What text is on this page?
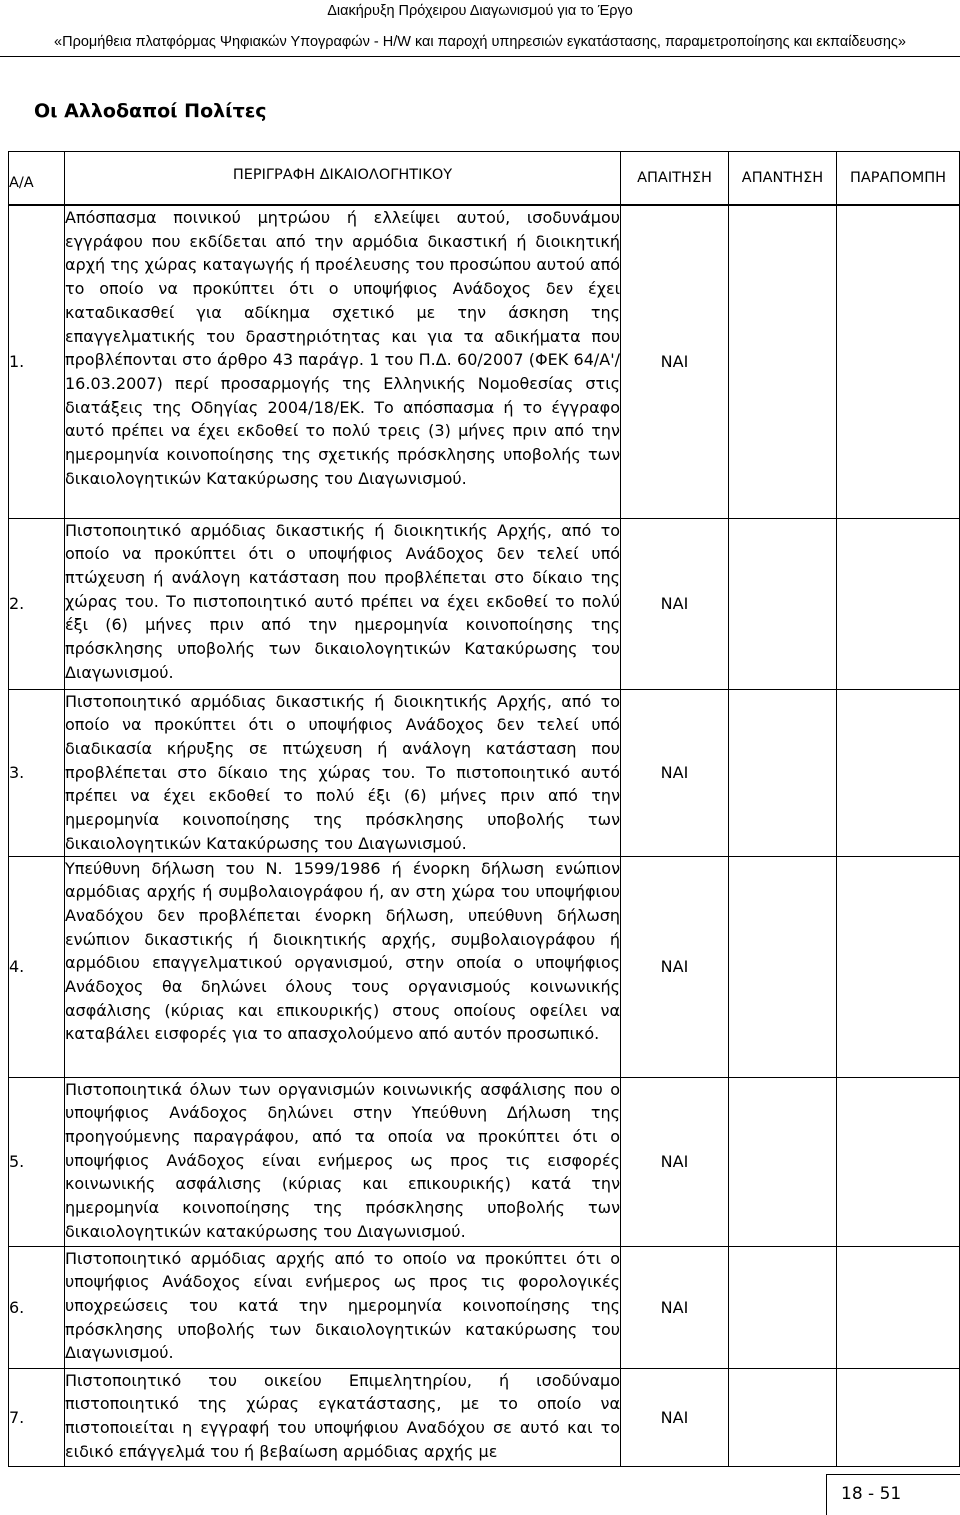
Διακήρυξη Πρόχειρου Διαγωνισμού για το Έργο
«Προμήθεια πλατφόρμας Ψηφιακών Υπογραφών - H/W και παροχή υπηρεσιών εγκατάστασης, παραμετροποίησης και εκπαίδευσης»
Οι Αλλοδαποί Πολίτες
Α/Α	ΠΕΡΙΓΡΑΦΗ ΔΙΚΑΙΟΛΟΓΗΤΙΚΟΥ	ΑΠΑΙΤΗΣΗ	ΑΠΑΝΤΗΣΗ	ΠΑΡΑΠΟΜΠΗ
1.	Απόσπασμα ποινικού μητρώου ή ελλείψει αυτού, ισοδυνάμου εγγράφου που εκδίδεται από την αρμόδια δικαστική ή διοικητική αρχή της χώρας καταγωγής ή προέλευσης του προσώπου αυτού από το οποίο να προκύπτει ότι ο υποψήφιος Ανάδοχος δεν έχει καταδικασθεί για αδίκημα σχετικό με την άσκηση της επαγγελματικής του δραστηριότητας και για τα αδικήματα που προβλέπονται στο άρθρο 43 παράγρ. 1 του Π.Δ. 60/2007 (ΦΕΚ 64/Α'/ 16.03.2007) περί προσαρμογής της Ελληνικής Νομοθεσίας στις διατάξεις της Οδηγίας 2004/18/ΕΚ. Το απόσπασμα ή το έγγραφο αυτό πρέπει να έχει εκδοθεί το πολύ τρεις (3) μήνες πριν από την ημερομηνία κοινοποίησης της σχετικής πρόσκλησης υποβολής των δικαιολογητικών Κατακύρωσης του Διαγωνισμού.	ΝΑΙ		
2.	Πιστοποιητικό αρμόδιας δικαστικής ή διοικητικής Αρχής, από το οποίο να προκύπτει ότι ο υποψήφιος Ανάδοχος δεν τελεί υπό πτώχευση ή ανάλογη κατάσταση που προβλέπεται στο δίκαιο της χώρας του. Το πιστοποιητικό αυτό πρέπει να έχει εκδοθεί το πολύ έξι (6) μήνες πριν από την ημερομηνία κοινοποίησης της πρόσκλησης υποβολής των δικαιολογητικών Κατακύρωσης του Διαγωνισμού.	ΝΑΙ		
3.	Πιστοποιητικό αρμόδιας δικαστικής ή διοικητικής Αρχής, από το οποίο να προκύπτει ότι ο υποψήφιος Ανάδοχος δεν τελεί υπό διαδικασία κήρυξης σε πτώχευση ή ανάλογη κατάσταση που προβλέπεται στο δίκαιο της χώρας του. Το πιστοποιητικό αυτό πρέπει να έχει εκδοθεί το πολύ έξι (6) μήνες πριν από την ημερομηνία κοινοποίησης της πρόσκλησης υποβολής των δικαιολογητικών Κατακύρωσης του Διαγωνισμού.	ΝΑΙ		
4.	Υπεύθυνη δήλωση του Ν. 1599/1986 ή ένορκη δήλωση ενώπιον αρμόδιας αρχής ή συμβολαιογράφου ή, αν στη χώρα του υποψήφιου Αναδόχου δεν προβλέπεται ένορκη δήλωση, υπεύθυνη δήλωση ενώπιον δικαστικής ή διοικητικής αρχής, συμβολαιογράφου ή αρμόδιου επαγγελματικού οργανισμού, στην οποία ο υποψήφιος Ανάδοχος θα δηλώνει όλους τους οργανισμούς κοινωνικής ασφάλισης (κύριας και επικουρικής) στους οποίους οφείλει να καταβάλει εισφορές για το απασχολούμενο από αυτόν προσωπικό.	ΝΑΙ		
5.	Πιστοποιητικά όλων των οργανισμών κοινωνικής ασφάλισης που ο υποψήφιος Ανάδοχος δηλώνει στην Υπεύθυνη Δήλωση της προηγούμενης παραγράφου, από τα οποία να προκύπτει ότι ο υποψήφιος Ανάδοχος είναι ενήμερος ως προς τις εισφορές κοινωνικής ασφάλισης (κύριας και επικουρικής) κατά την ημερομηνία κοινοποίησης της πρόσκλησης υποβολής των δικαιολογητικών κατακύρωσης του Διαγωνισμού.	ΝΑΙ		
6.	Πιστοποιητικό αρμόδιας αρχής από το οποίο να προκύπτει ότι ο υποψήφιος Ανάδοχος είναι ενήμερος ως προς τις φορολογικές υποχρεώσεις του κατά την ημερομηνία κοινοποίησης της πρόσκλησης υποβολής των δικαιολογητικών κατακύρωσης του Διαγωνισμού.	ΝΑΙ		
7.	Πιστοποιητικό του οικείου Επιμελητηρίου, ή ισοδύναμο πιστοποιητικό της χώρας εγκατάστασης, με το οποίο να πιστοποιείται η εγγραφή του υποψήφιου Αναδόχου σε αυτό και το ειδικό επάγγελμά του ή βεβαίωση αρμόδιας αρχής με	ΝΑΙ		
18 - 51
